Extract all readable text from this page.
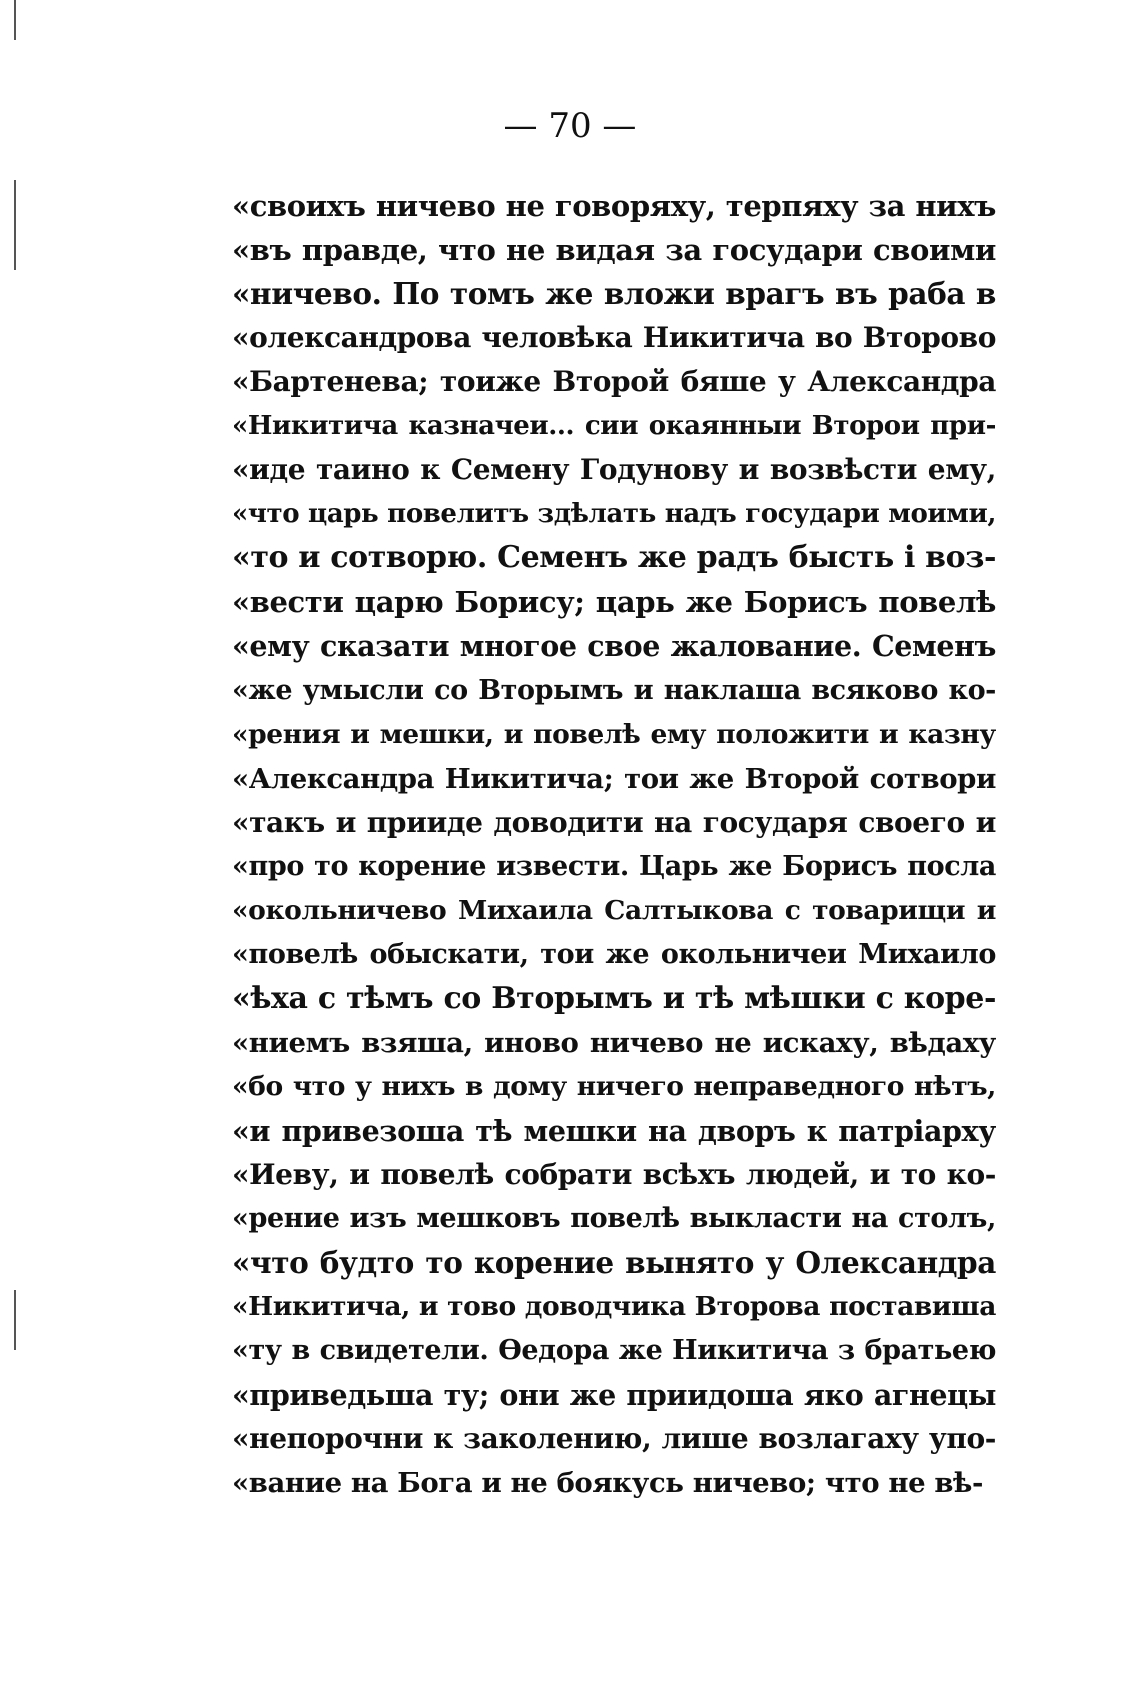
— 70 —
«своихъ ничево не говоряху, терпяху за нихъ
«въ правде, что не видая за государи своими
«ничево. По томъ же вложи врагъ въ раба в
«олександрова человѣка Никитича во Второво
«Бартенева; тоиже Второй бяше у Александра
«Никитича казначеи... сии окаянныи Второи при-
«иде таино к Семену Годунову и возвѣсти ему,
«что царь повелитъ здѣлать надъ государи моими,
«то и сотворю. Семенъ же радъ бысть і воз-
«вести царю Борису; царь же Борисъ повелѣ
«ему сказати многое свое жалование. Семенъ
«же умысли со Вторымъ и наклаша всяково ко-
«рения и мешки, и повелѣ ему положити и казну
«Александра Никитича; тои же Второй сотвори
«такъ и прииде доводити на государя своего и
«про то корение извести. Царь же Борисъ посла
«окольничево Михаила Салтыкова с товарищи и
«повелѣ обыскати, тои же окольничеи Михаило
«ѣха с тѣмъ со Вторымъ и тѣ мѣшки с коре-
«ниемъ взяша, иново ничево не искаху, вѣдаху
«бо что у нихъ в дому ничего неправедного нѣтъ,
«и привезоша тѣ мешки на дворъ к патріарху
«Иеву, и повелѣ собрати всѣхъ людей, и то ко-
«рение изъ мешковъ повелѣ выкласти на столъ,
«что будто то корение вынято у Олександра
«Никитича, и тово доводчика Второва поставиша
«ту в свидетели. Өедора же Никитича з братьею
«приведьша ту; они же приидоша яко агнецы
«непорочни к заколению, лише возлагаху упо-
«вание на Бога и не боякусь ничево; что не вѣ-
